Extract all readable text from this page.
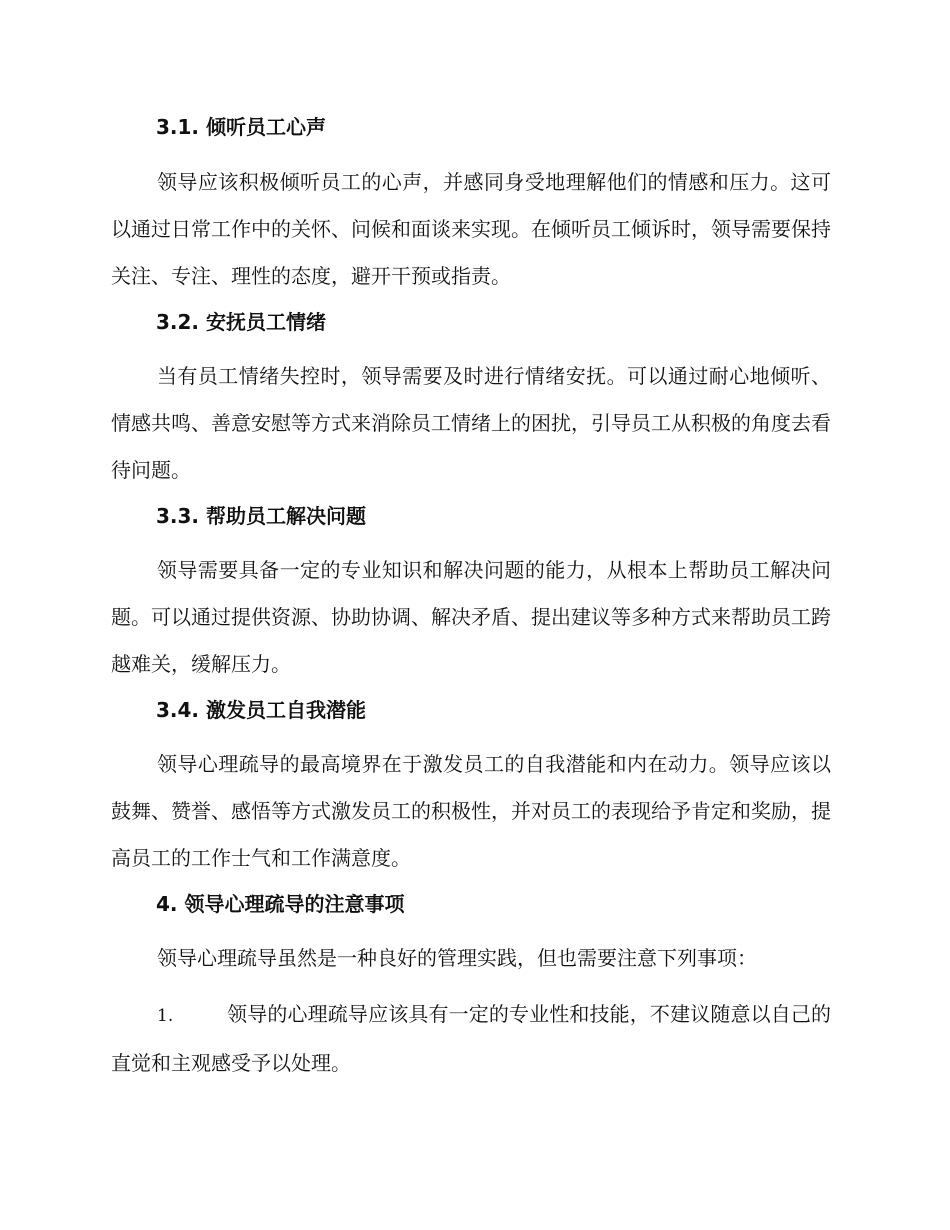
3.1. 倾听员工心声
领导应该积极倾听员工的心声，并感同身受地理解他们的情感和压力。这可以通过日常工作中的关怀、问候和面谈来实现。在倾听员工倾诉时，领导需要保持关注、专注、理性的态度，避开干预或指责。
3.2. 安抚员工情绪
当有员工情绪失控时，领导需要及时进行情绪安抚。可以通过耐心地倾听、情感共鸣、善意安慰等方式来消除员工情绪上的困扰，引导员工从积极的角度去看待问题。
3.3. 帮助员工解决问题
领导需要具备一定的专业知识和解决问题的能力，从根本上帮助员工解决问题。可以通过提供资源、协助协调、解决矛盾、提出建议等多种方式来帮助员工跨越难关，缓解压力。
3.4. 激发员工自我潜能
领导心理疏导的最高境界在于激发员工的自我潜能和内在动力。领导应该以鼓舞、赞誉、感悟等方式激发员工的积极性，并对员工的表现给予肯定和奖励，提高员工的工作士气和工作满意度。
4. 领导心理疏导的注意事项
领导心理疏导虽然是一种良好的管理实践，但也需要注意下列事项：
1.	领导的心理疏导应该具有一定的专业性和技能，不建议随意以自己的直觉和主观感受予以处理。
